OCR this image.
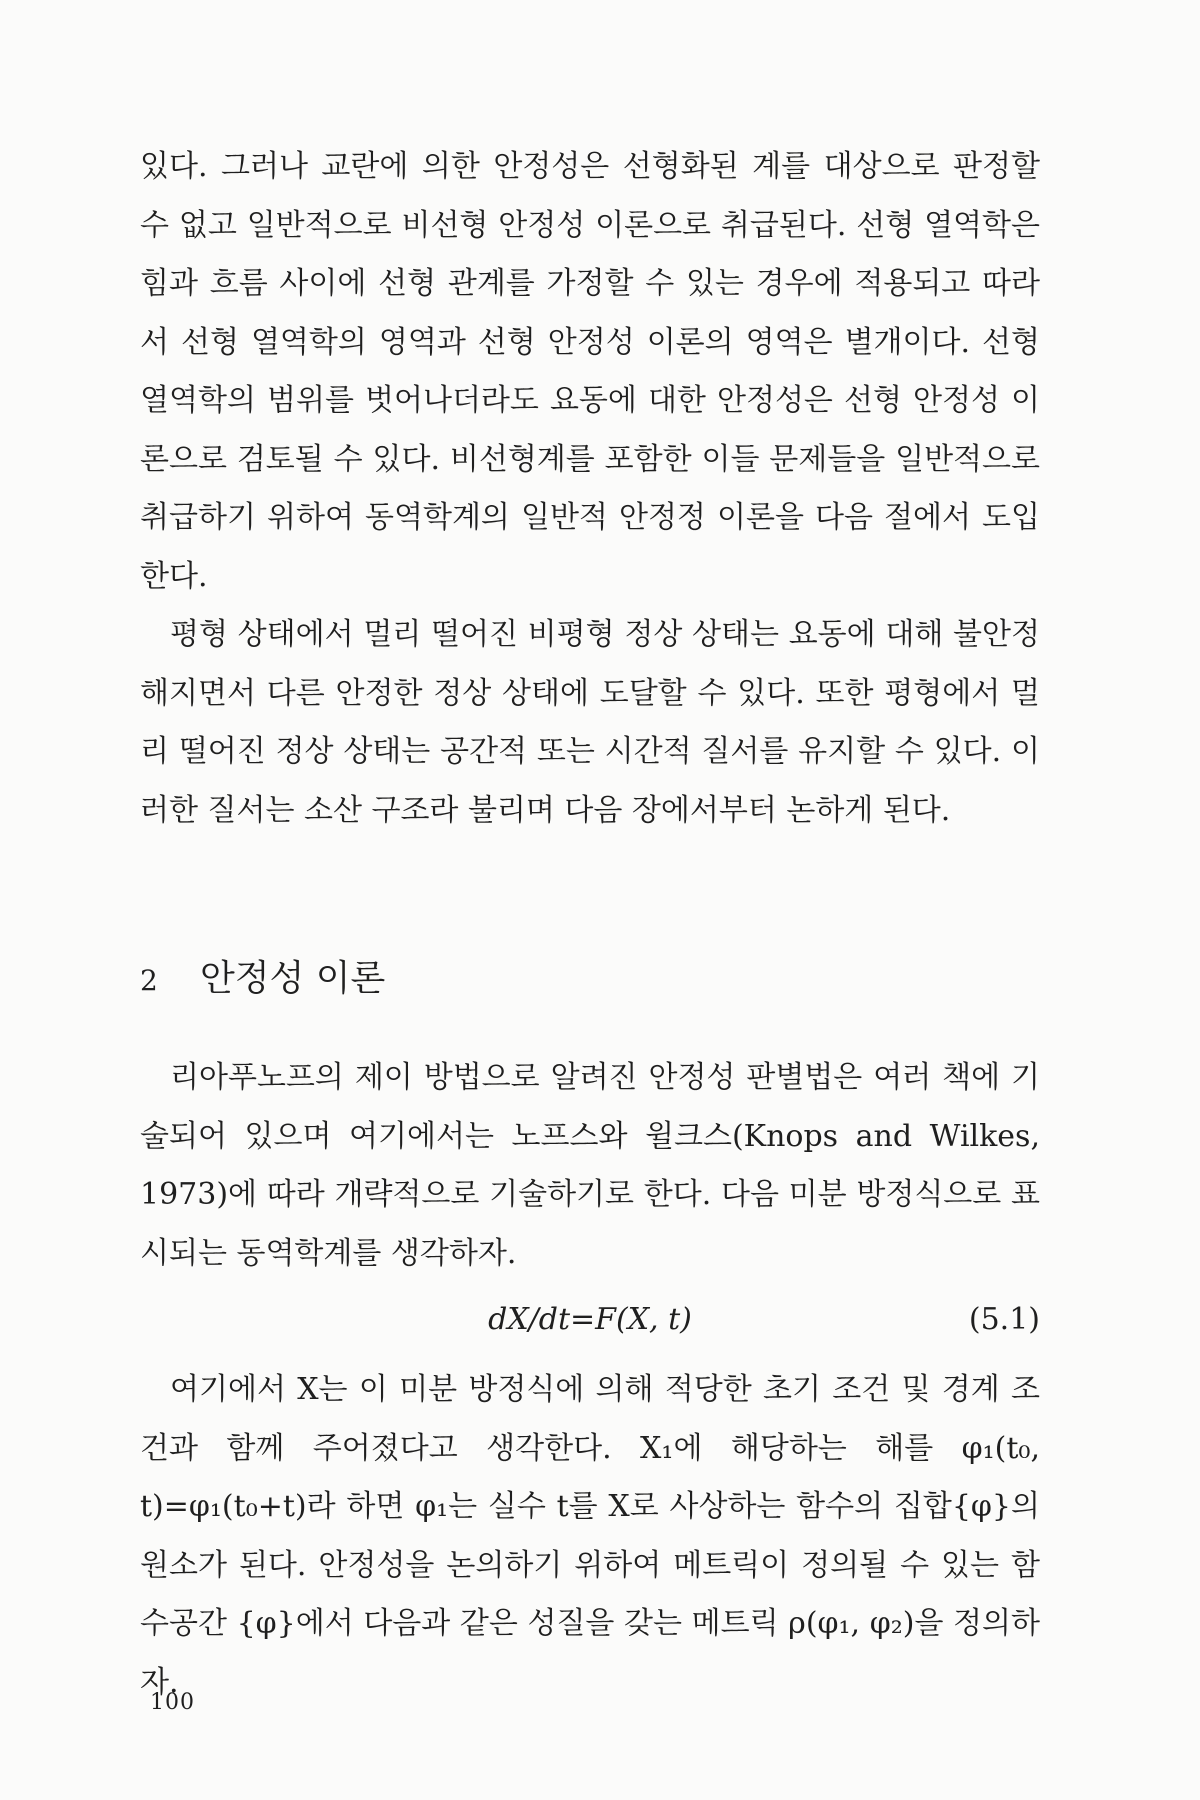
있다. 그러나 교란에 의한 안정성은 선형화된 계를 대상으로 판정할 수 없고 일반적으로 비선형 안정성 이론으로 취급된다. 선형 열역학은 힘과 흐름 사이에 선형 관계를 가정할 수 있는 경우에 적용되고 따라서 선형 열역학의 영역과 선형 안정성 이론의 영역은 별개이다. 선형 열역학의 범위를 벗어나더라도 요동에 대한 안정성은 선형 안정성 이론으로 검토될 수 있다. 비선형계를 포함한 이들 문제들을 일반적으로 취급하기 위하여 동역학계의 일반적 안정정 이론을 다음 절에서 도입한다.

평형 상태에서 멀리 떨어진 비평형 정상 상태는 요동에 대해 불안정해지면서 다른 안정한 정상 상태에 도달할 수 있다. 또한 평형에서 멀리 떨어진 정상 상태는 공간적 또는 시간적 질서를 유지할 수 있다. 이러한 질서는 소산 구조라 불리며 다음 장에서부터 논하게 된다.

2	안정성 이론

리아푸노프의 제이 방법으로 알려진 안정성 판별법은 여러 책에 기술되어 있으며 여기에서는 노프스와 윌크스(Knops and Wilkes, 1973)에 따라 개략적으로 기술하기로 한다. 다음 미분 방정식으로 표시되는 동역학계를 생각하자.

dX/dt=F(X, t)	(5.1)

여기에서 X는 이 미분 방정식에 의해 적당한 초기 조건 및 경계 조건과 함께 주어졌다고 생각한다. X₁에 해당하는 해를 φ₁(t₀, t)=φ₁(t₀+t)라 하면 φ₁는 실수 t를 X로 사상하는 함수의 집합{φ}의 원소가 된다. 안정성을 논의하기 위하여 메트릭이 정의될 수 있는 함수공간 {φ}에서 다음과 같은 성질을 갖는 메트릭 ρ(φ₁, φ₂)을 정의하자.

100
